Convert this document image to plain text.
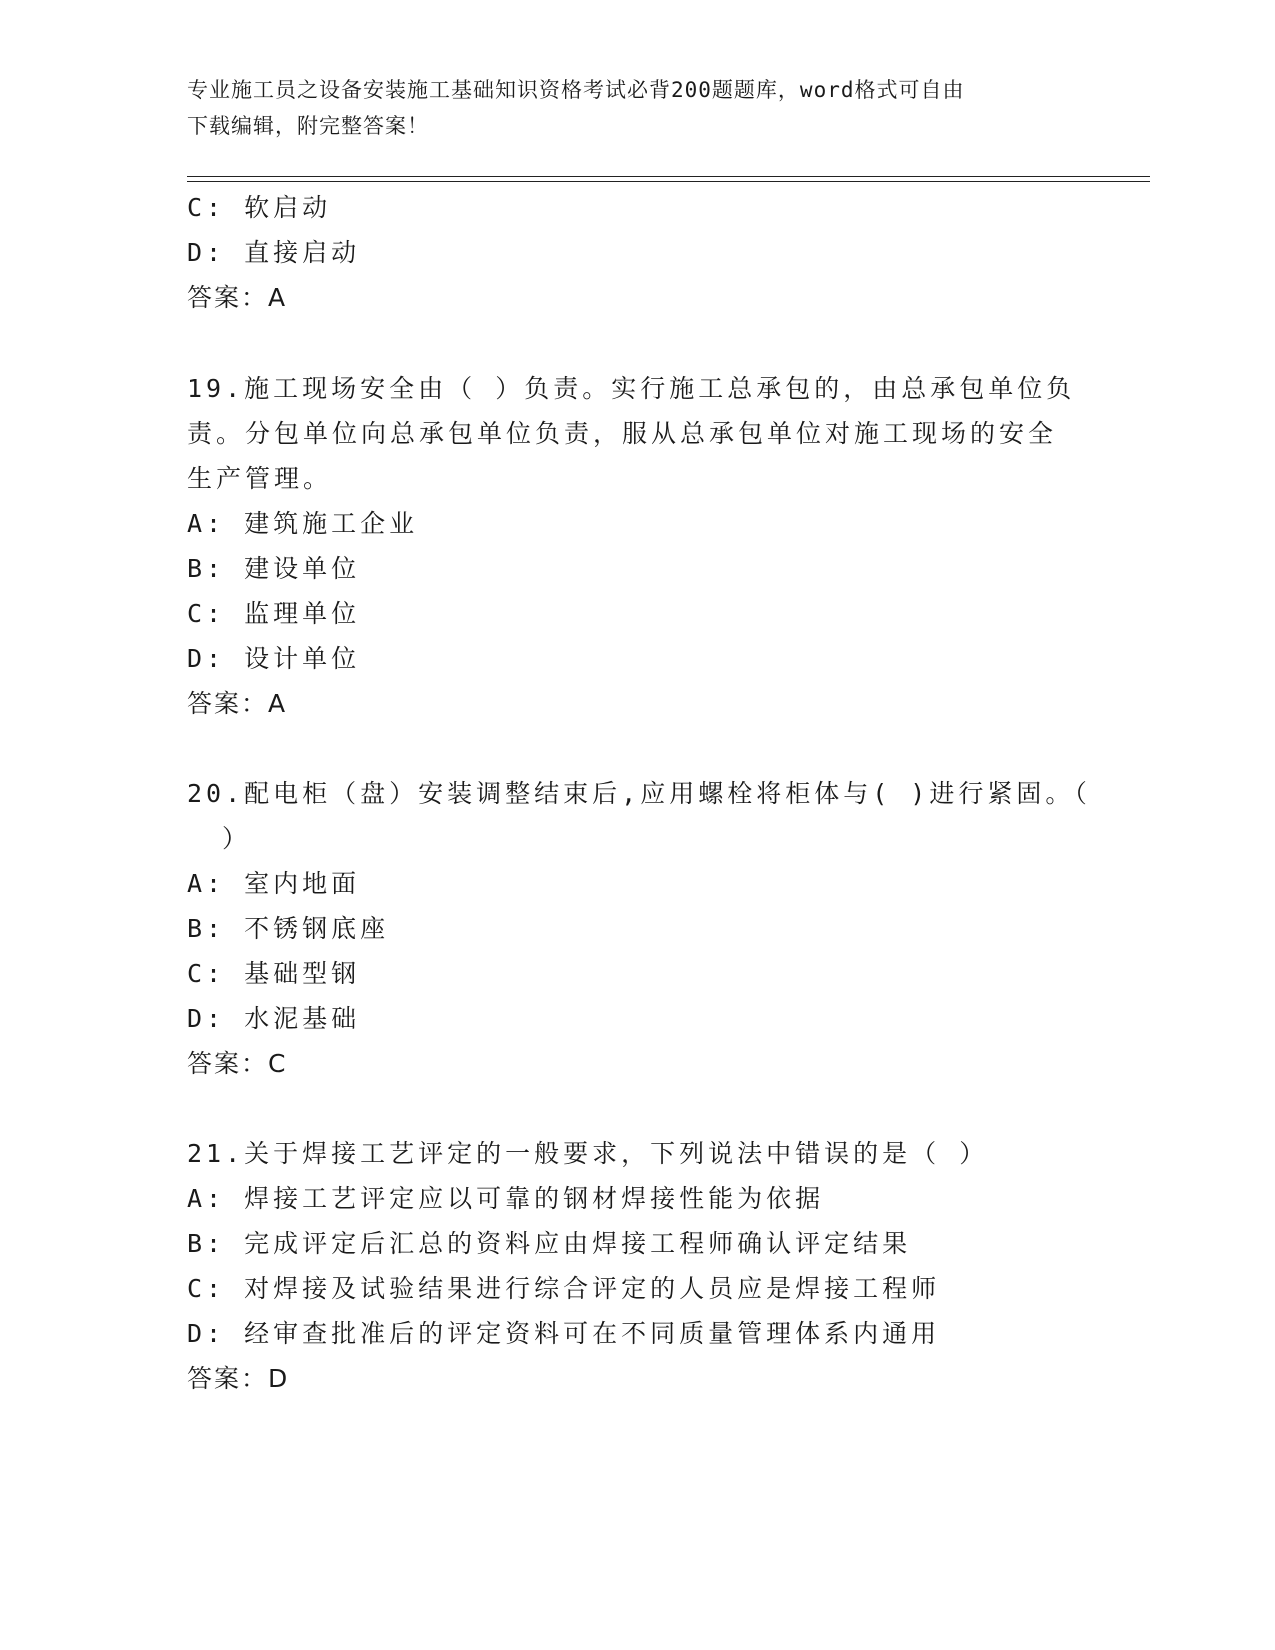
专业施工员之设备安装施工基础知识资格考试必背200题题库，word格式可自由
下载编辑，附完整答案！
C: 软启动
D: 直接启动
答案：A
19.施工现场安全由（ ）负责。实行施工总承包的，由总承包单位负
责。分包单位向总承包单位负责，服从总承包单位对施工现场的安全
生产管理。
A: 建筑施工企业
B: 建设单位
C: 监理单位
D: 设计单位
答案：A
20.配电柜（盘）安装调整结束后,应用螺栓将柜体与( )进行紧固。（
）
A: 室内地面
B: 不锈钢底座
C: 基础型钢
D: 水泥基础
答案：C
21.关于焊接工艺评定的一般要求，下列说法中错误的是（ ）
A: 焊接工艺评定应以可靠的钢材焊接性能为依据
B: 完成评定后汇总的资料应由焊接工程师确认评定结果
C: 对焊接及试验结果进行综合评定的人员应是焊接工程师
D: 经审查批准后的评定资料可在不同质量管理体系内通用
答案：D
